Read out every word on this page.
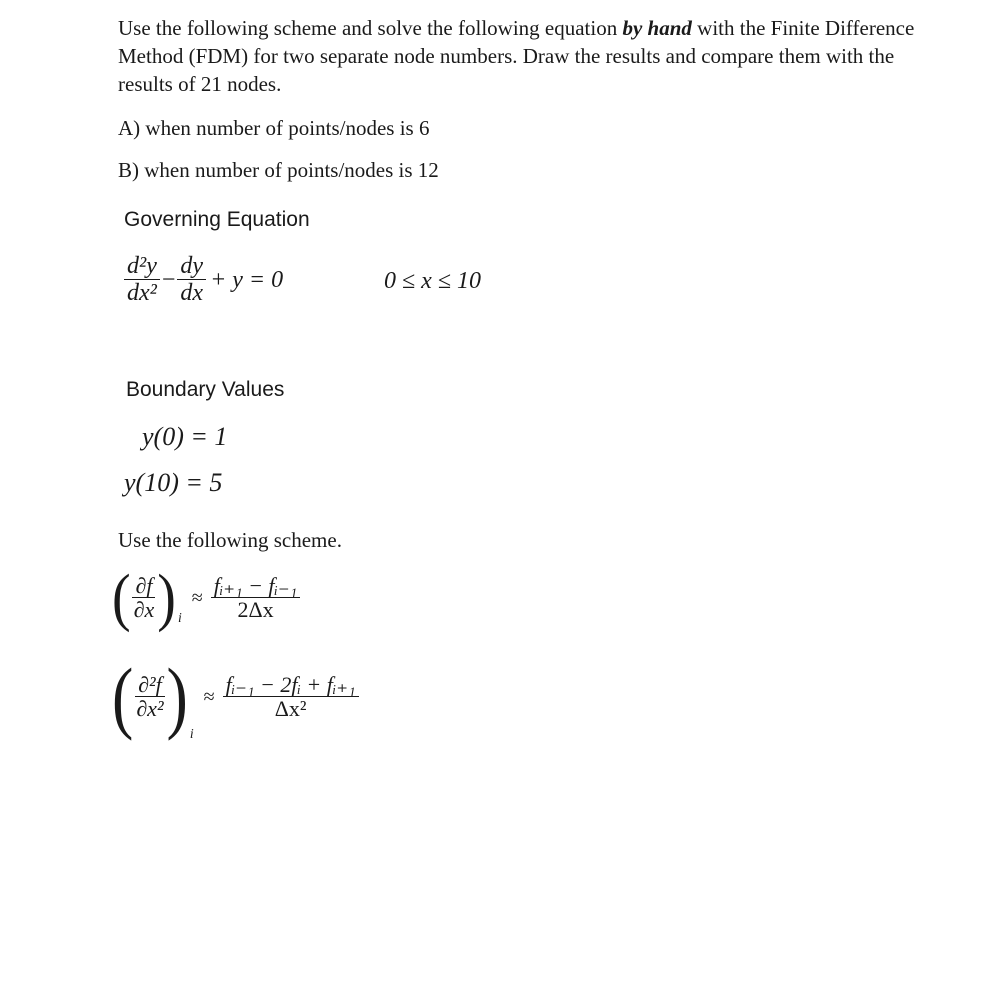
Use the following scheme and solve the following equation by hand with the Finite Difference Method (FDM) for two separate node numbers. Draw the results and compare them with the results of 21 nodes.

A) when number of points/nodes is 6
B) when number of points/nodes is 12
Governing Equation
$\frac{\text{d²y}}{\text{dx²}} - \frac{dy}{dx} + y = 0$	0 ≤ x ≤ 10
Boundary Values
y(0) = 1
y(10) = 5
Use the following scheme.
( $\frac{\partial f}{\partial x} )_i$
≈ $\frac{\text{fᵢ₊₁ − fᵢ₋₁}}{2\Delta x}$
( $\frac{\text{∂²f}}{\text{∂x²}} )_i$
≈ $\frac{\text{fᵢ₋₁ − 2fᵢ + fᵢ₊₁}}{\text{Δx²}}$
